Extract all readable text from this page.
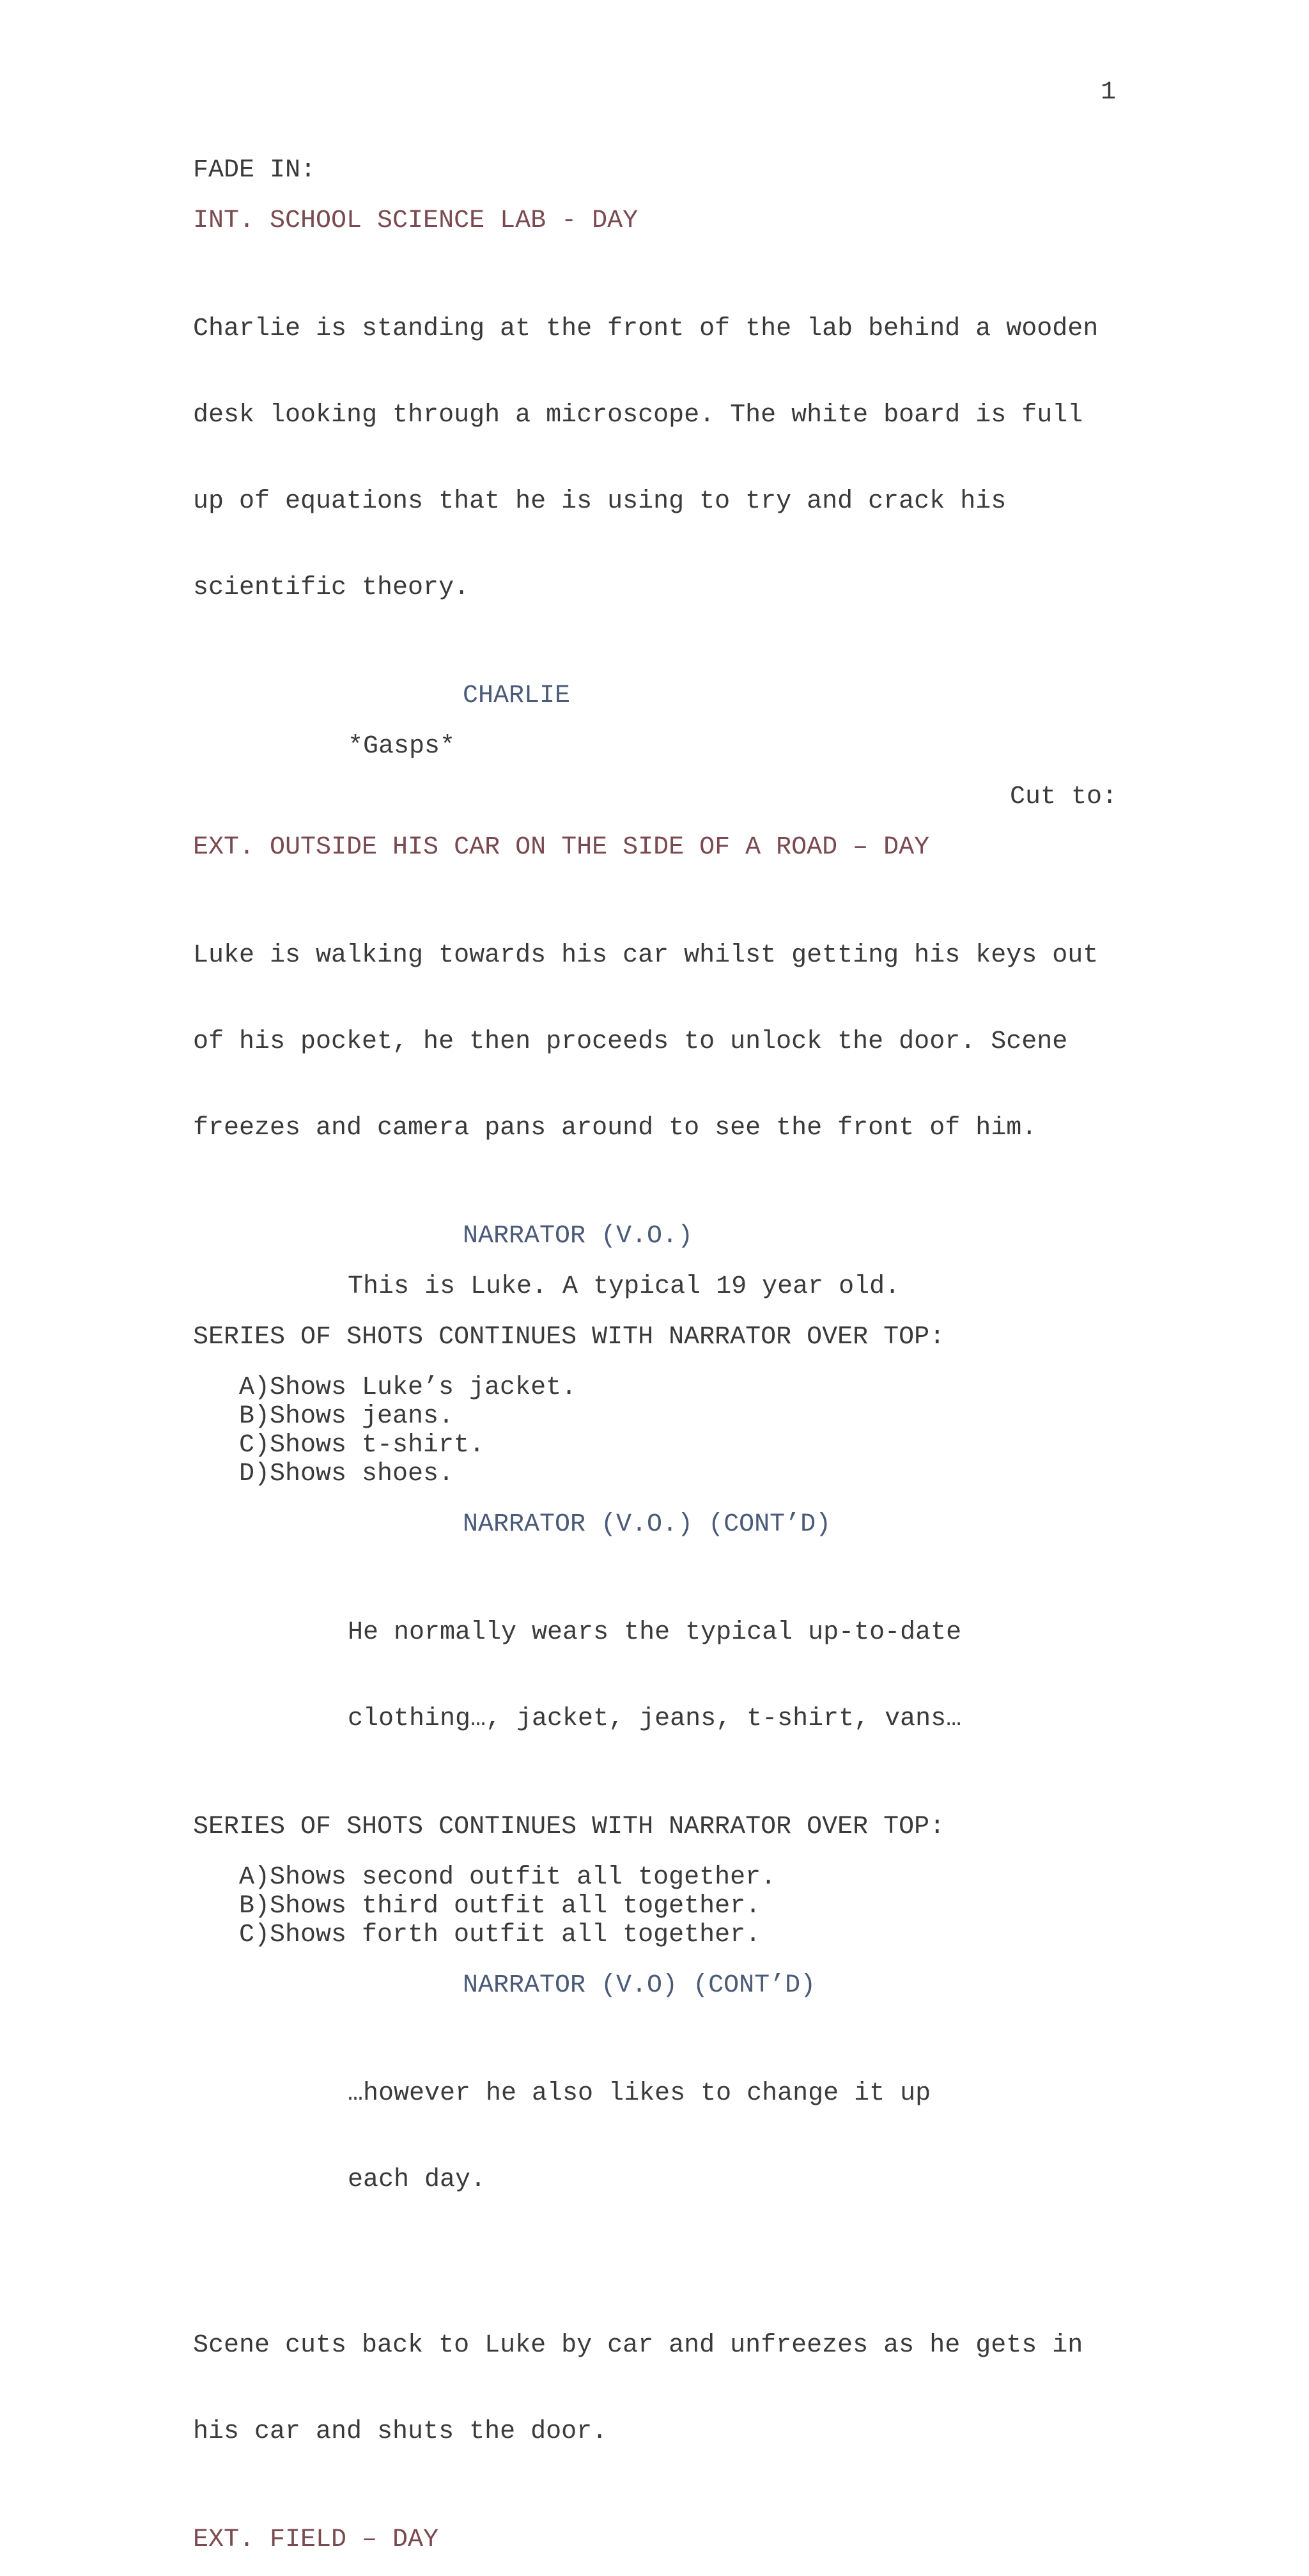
1
FADE IN:
INT. SCHOOL SCIENCE LAB - DAY

Charlie is standing at the front of the lab behind a wooden

desk looking through a microscope. The white board is full

up of equations that he is using to try and crack his

scientific theory.

CHARLIE
*Gasps*
Cut to:
EXT. OUTSIDE HIS CAR ON THE SIDE OF A ROAD – DAY

Luke is walking towards his car whilst getting his keys out

of his pocket, he then proceeds to unlock the door. Scene

freezes and camera pans around to see the front of him.

NARRATOR (V.O.)
This is Luke. A typical 19 year old.
SERIES OF SHOTS CONTINUES WITH NARRATOR OVER TOP:
A) Shows Luke’s jacket.
B) Shows jeans.
C) Shows t-shirt.
D) Shows shoes.
NARRATOR (V.O.) (CONT’D)

He normally wears the typical up-to-date

clothing…, jacket, jeans, t-shirt, vans…

SERIES OF SHOTS CONTINUES WITH NARRATOR OVER TOP:
A) Shows second outfit all together.
B) Shows third outfit all together.
C) Shows forth outfit all together.
NARRATOR (V.O) (CONT’D)

…however he also likes to change it up

each day.

Scene cuts back to Luke by car and unfreezes as he gets in

his car and shuts the door.

EXT. FIELD – DAY
